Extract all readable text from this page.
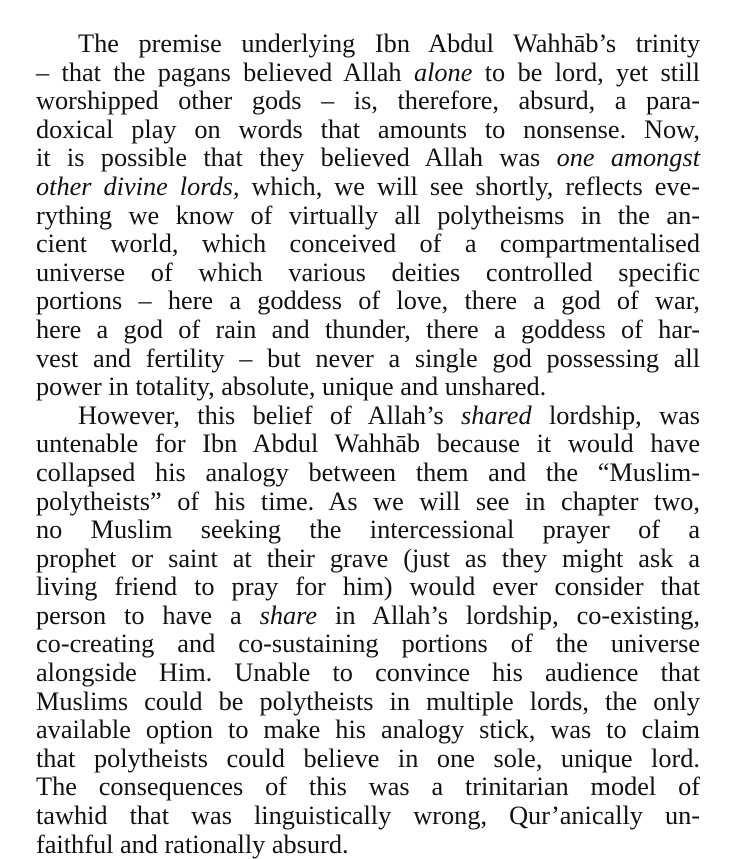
The premise underlying Ibn Abdul Wahhāb’s trinity
– that the pagans believed Allah alone to be lord, yet still
worshipped other gods – is, therefore, absurd, a para-
doxical play on words that amounts to nonsense. Now,
it is possible that they believed Allah was one amongst
other divine lords, which, we will see shortly, reflects eve-
rything we know of virtually all polytheisms in the an-
cient world, which conceived of a compartmentalised
universe of which various deities controlled specific
portions – here a goddess of love, there a god of war,
here a god of rain and thunder, there a goddess of har-
vest and fertility – but never a single god possessing all
power in totality, absolute, unique and unshared.
However, this belief of Allah’s shared lordship, was
untenable for Ibn Abdul Wahhāb because it would have
collapsed his analogy between them and the “Muslim-
polytheists” of his time. As we will see in chapter two,
no Muslim seeking the intercessional prayer of a
prophet or saint at their grave (just as they might ask a
living friend to pray for him) would ever consider that
person to have a share in Allah’s lordship, co-existing,
co-creating and co-sustaining portions of the universe
alongside Him. Unable to convince his audience that
Muslims could be polytheists in multiple lords, the only
available option to make his analogy stick, was to claim
that polytheists could believe in one sole, unique lord.
The consequences of this was a trinitarian model of
tawhid that was linguistically wrong, Qur’anically un-
faithful and rationally absurd.
